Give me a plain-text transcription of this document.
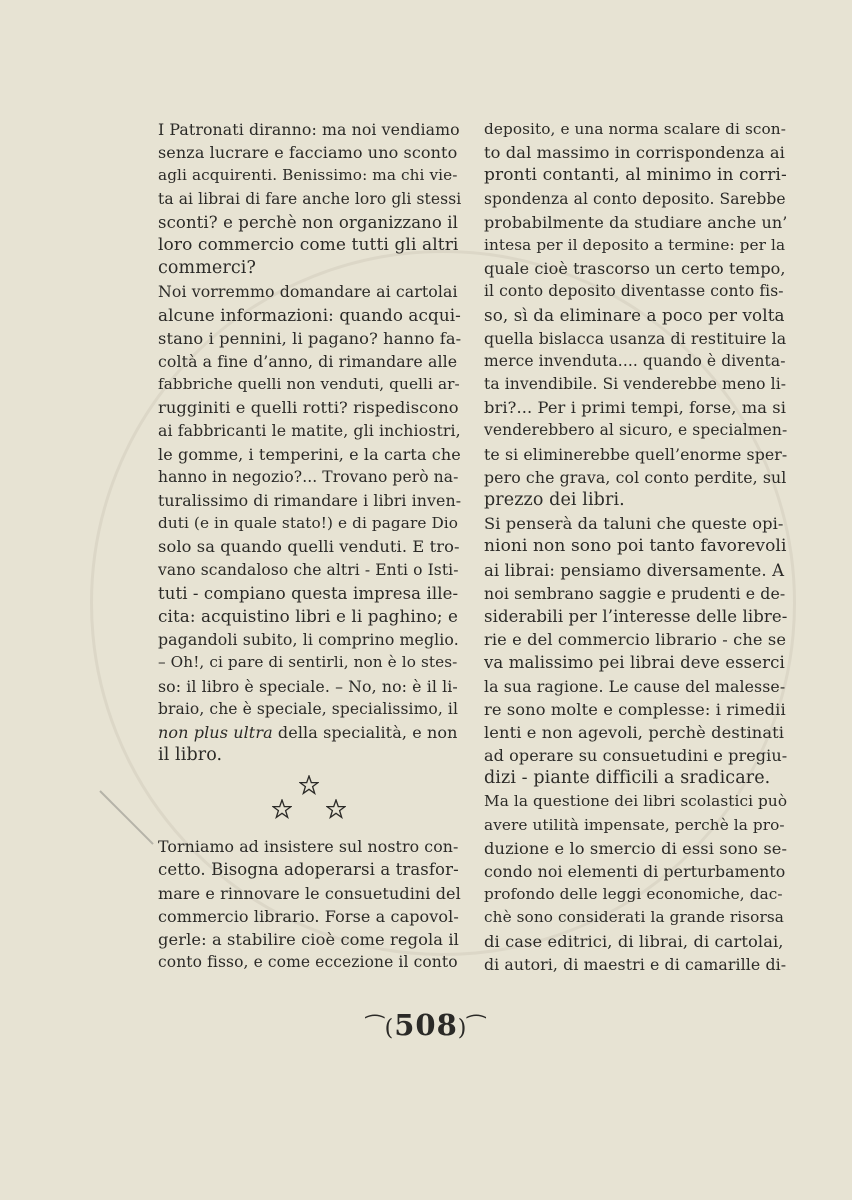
I Patronati diranno: ma noi vendiamo
senza lucrare e facciamo uno sconto
agli acquirenti. Benissimo: ma chi vie-
ta ai librai di fare anche loro gli stessi
sconti? e perchè non organizzano il
loro commercio come tutti gli altri
commerci?
Noi vorremmo domandare ai cartolai
alcune informazioni: quando acqui-
stano i pennini, li pagano? hanno fa-
coltà a fine d’anno, di rimandare alle
fabbriche quelli non venduti, quelli ar-
rugginiti e quelli rotti? rispediscono
ai fabbricanti le matite, gli inchiostri,
le gomme, i temperini, e la carta che
hanno in negozio?... Trovano però na-
turalissimo di rimandare i libri inven-
duti (e in quale stato!) e di pagare Dio
solo sa quando quelli venduti. E tro-
vano scandaloso che altri - Enti o Isti-
tuti - compiano questa impresa ille-
cita: acquistino libri e li paghino; e
pagandoli subito, li comprino meglio.
– Oh!, ci pare di sentirli, non è lo stes-
so: il libro è speciale. – No, no: è il li-
braio, che è speciale, specialissimo, il
non plus ultra della specialità, e non
il libro.
Torniamo ad insistere sul nostro con-
cetto. Bisogna adoperarsi a trasfor-
mare e rinnovare le consuetudini del
commercio librario. Forse a capovol-
gerle: a stabilire cioè come regola il
conto fisso, e come eccezione il conto
deposito, e una norma scalare di scon-
to dal massimo in corrispondenza ai
pronti contanti, al minimo in corri-
spondenza al conto deposito. Sarebbe
probabilmente da studiare anche un’
intesa per il deposito a termine: per la
quale cioè trascorso un certo tempo,
il conto deposito diventasse conto fis-
so, sì da eliminare a poco per volta
quella bislacca usanza di restituire la
merce invenduta.... quando è diventa-
ta invendibile. Si venderebbe meno li-
bri?... Per i primi tempi, forse, ma si
venderebbero al sicuro, e specialmen-
te si eliminerebbe quell’enorme sper-
pero che grava, col conto perdite, sul
prezzo dei libri.
Si penserà da taluni che queste opi-
nioni non sono poi tanto favorevoli
ai librai: pensiamo diversamente. A
noi sembrano saggie e prudenti e de-
siderabili per l’interesse delle libre-
rie e del commercio librario - che se
va malissimo pei librai deve esserci
la sua ragione. Le cause del malesse-
re sono molte e complesse: i rimedii
lenti e non agevoli, perchè destinati
ad operare su consuetudini e pregiu-
dizi - piante difficili a sradicare.
Ma la questione dei libri scolastici può
avere utilità impensate, perchè la pro-
duzione e lo smercio di essi sono se-
condo noi elementi di perturbamento
profondo delle leggi economiche, dac-
chè sono considerati la grande risorsa
di case editrici, di librai, di cartolai,
di autori, di maestri e di camarille di-
⁀(508)⁀
